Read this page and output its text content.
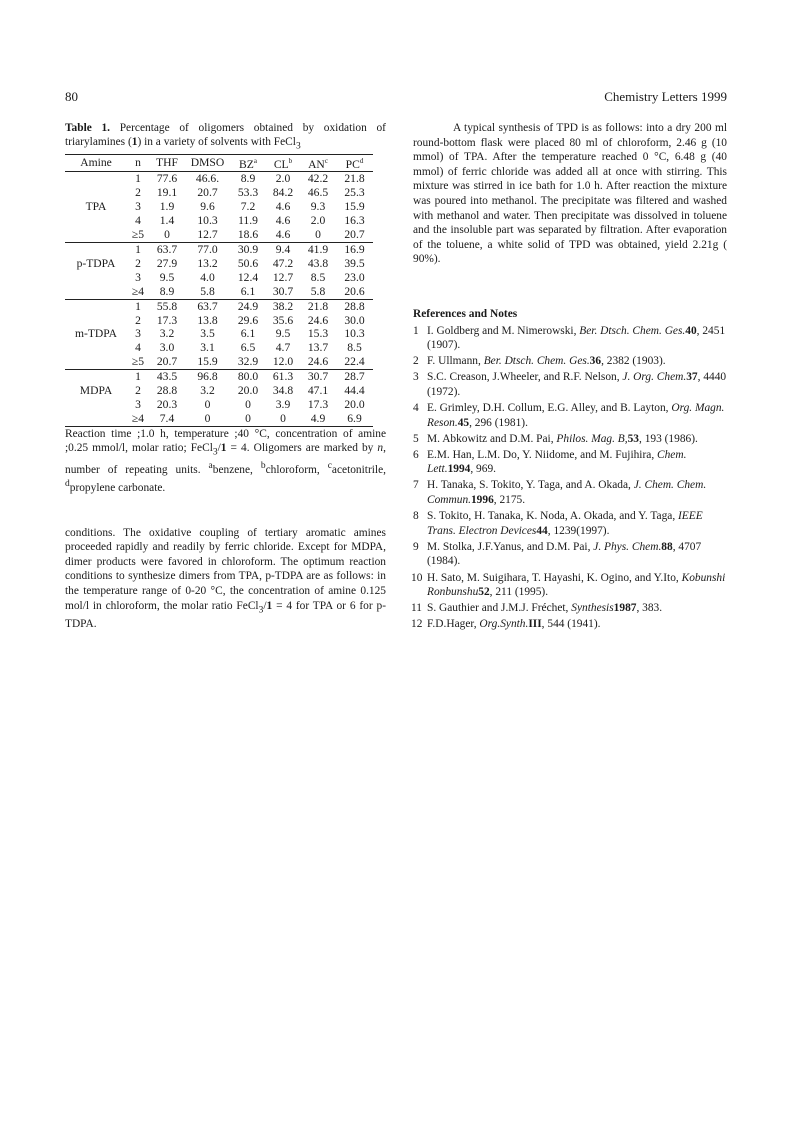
80	Chemistry Letters 1999

Table 1. Percentage of oligomers obtained by oxidation of triarylamines (1) in a variety of solvents with FeCl$_3$

Amine	n	THF	DMSO	$BZ^a$	$CL^b$	$AN^c$	$PC^d$
	1	77.6	46.6.	8.9	2.0	42.2	21.8
	2	19.1	20.7	53.3	84.2	46.5	25.3
TPA	3	1.9	9.6	7.2	4.6	9.3	15.9
	4	1.4	10.3	11.9	4.6	2.0	16.3
	≥5	0	12.7	18.6	4.6	0	20.7
	1	63.7	77.0	30.9	9.4	41.9	16.9
p-TDPA	2	27.9	13.2	50.6	47.2	43.8	39.5
	3	9.5	4.0	12.4	12.7	8.5	23.0
	≥4	8.9	5.8	6.1	30.7	5.8	20.6
	1	55.8	63.7	24.9	38.2	21.8	28.8
	2	17.3	13.8	29.6	35.6	24.6	30.0
m-TDPA	3	3.2	3.5	6.1	9.5	15.3	10.3
	4	3.0	3.1	6.5	4.7	13.7	8.5
	≥5	20.7	15.9	32.9	12.0	24.6	22.4
	1	43.5	96.8	80.0	61.3	30.7	28.7
MDPA	2	28.8	3.2	20.0	34.8	47.1	44.4
	3	20.3	0	0	3.9	17.3	20.0
	≥4	7.4	0	0	0	4.9	6.9

Reaction time ;1.0 h, temperature ;40 °C, concentration of amine ;0.25 mmol/l, molar ratio; FeCl$_3$/1 = 4. Oligomers are marked by n, number of repeating units. $^a$benzene, $^b$chloroform, $^c$acetonitrile, $^d$propylene carbonate.

conditions. The oxidative coupling of tertiary aromatic amines proceeded rapidly and readily by ferric chloride. Except for MDPA, dimer products were favored in chloroform. The optimum reaction conditions to synthesize dimers from TPA, p-TDPA are as follows: in the temperature range of 0-20 °C, the concentration of amine 0.125 mol/l in chloroform, the molar ratio FeCl$_3$/1 = 4 for TPA or 6 for p-TDPA.

A typical synthesis of TPD is as follows: into a dry 200 ml round-bottom flask were placed 80 ml of chloroform, 2.46 g (10 mmol) of TPA. After the temperature reached 0 °C, 6.48 g (40 mmol) of ferric chloride was added all at once with stirring. This mixture was stirred in ice bath for 1.0 h. After reaction the mixture was poured into methanol. The precipitate was filtered and washed with methanol and water. Then precipitate was dissolved in toluene and the insoluble part was separated by filtration. After evaporation of the toluene, a white solid of TPD was obtained, yield 2.21g ( 90%).

References and Notes

1 I. Goldberg and M. Nimerowski, Ber. Dtsch. Chem. Ges.40, 2451 (1907).
2 F. Ullmann, Ber. Dtsch. Chem. Ges.36, 2382 (1903).
3 S.C. Creason, J.Wheeler, and R.F. Nelson, J. Org. Chem.37, 4440 (1972).
4 E. Grimley, D.H. Collum, E.G. Alley, and B. Layton, Org. Magn. Reson.45, 296 (1981).
5 M. Abkowitz and D.M. Pai, Philos. Mag. B,53, 193 (1986).
6 E.M. Han, L.M. Do, Y. Niidome, and M. Fujihira, Chem. Lett.1994, 969.
7 H. Tanaka, S. Tokito, Y. Taga, and A. Okada, J. Chem. Chem. Commun.1996, 2175.
8 S. Tokito, H. Tanaka, K. Noda, A. Okada, and Y. Taga, IEEE Trans. Electron Devices44, 1239(1997).
9 M. Stolka, J.F.Yanus, and D.M. Pai, J. Phys. Chem.88, 4707 (1984).
10 H. Sato, M. Suigihara, T. Hayashi, K. Ogino, and Y.Ito, Kobunshi Ronbunshu52, 211 (1995).
11 S. Gauthier and J.M.J. Fréchet, Synthesis1987, 383.
12 F.D.Hager, Org.Synth.III, 544 (1941).
